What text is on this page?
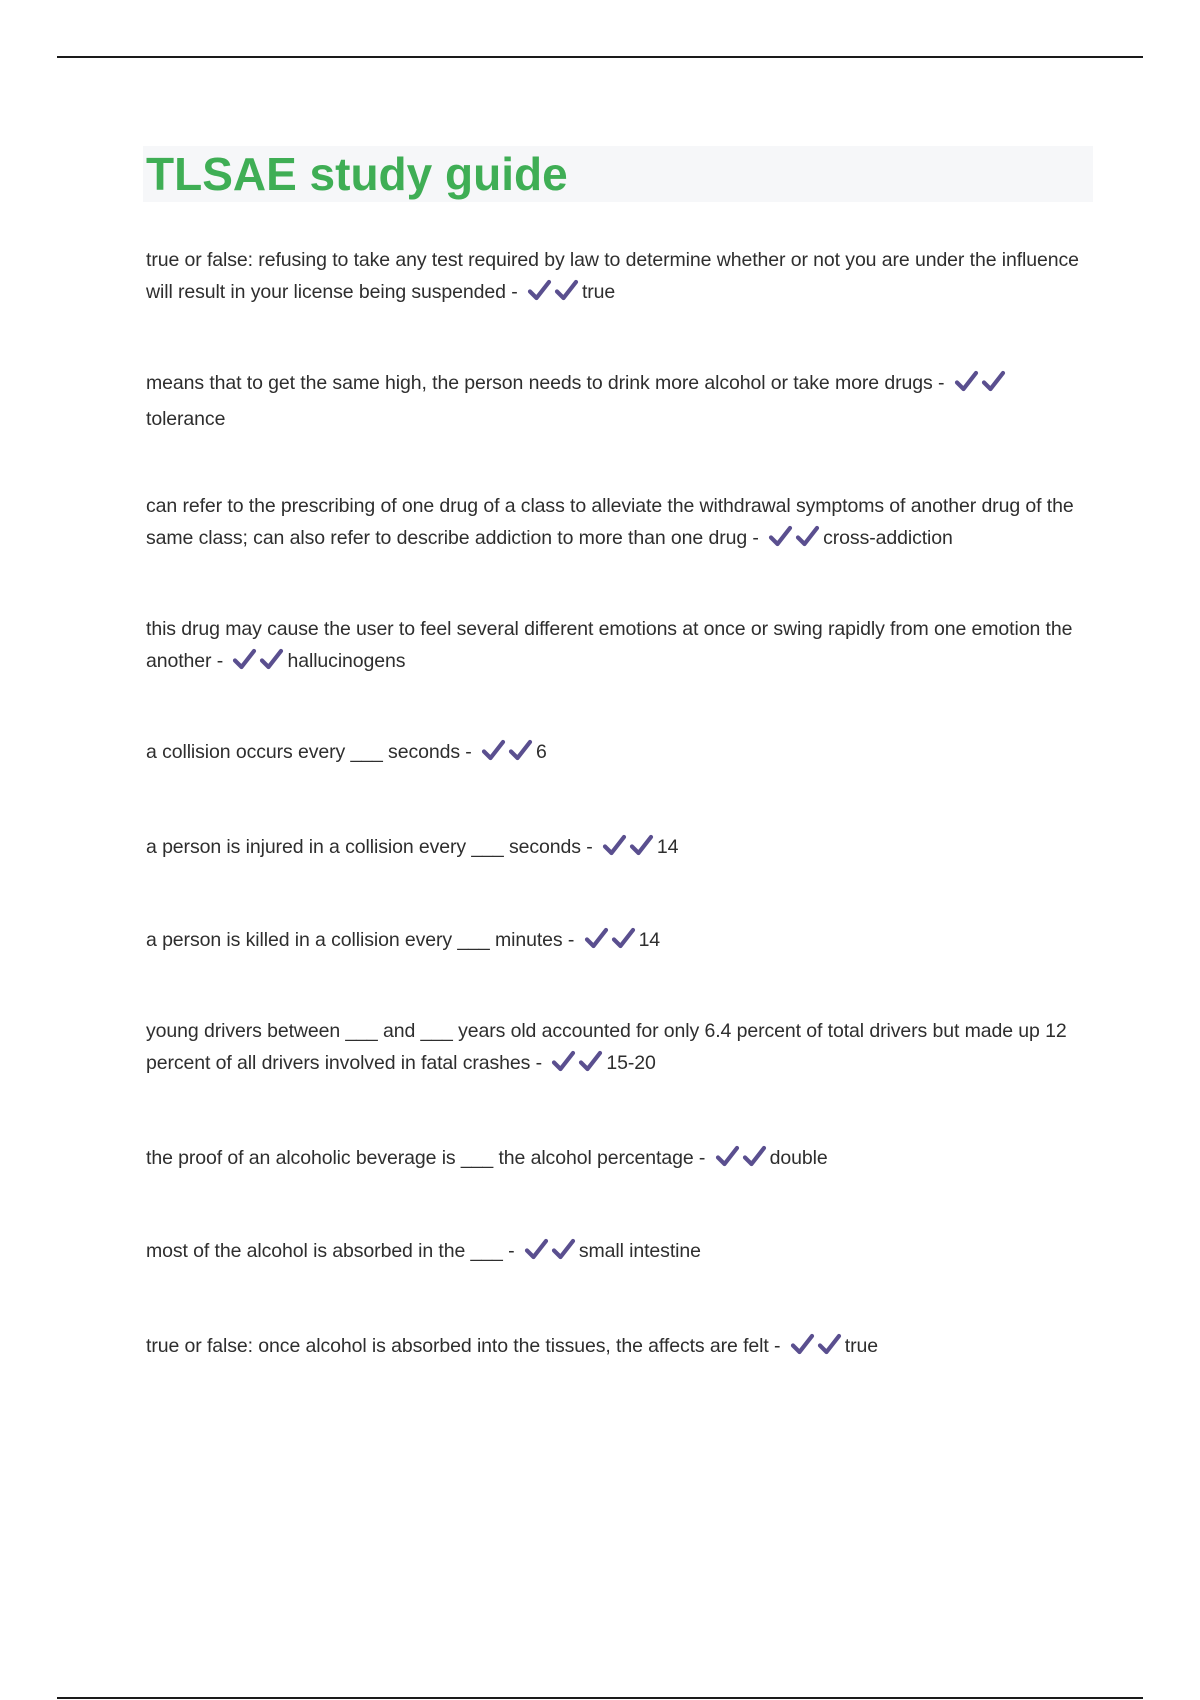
TLSAE study guide
true or false: refusing to take any test required by law to determine whether or not you are under the influence will result in your license being suspended -	true
means that to get the same high, the person needs to drink more alcohol or take more drugs - tolerance
can refer to the prescribing of one drug of a class to alleviate the withdrawal symptoms of another drug of the same class; can also refer to describe addiction to more than one drug -	cross-addiction
this drug may cause the user to feel several different emotions at once or swing rapidly from one emotion the another -	hallucinogens
a collision occurs every ___ seconds -	6
a person is injured in a collision every ___ seconds -	14
a person is killed in a collision every ___ minutes -	14
young drivers between ___ and ___ years old accounted for only 6.4 percent of total drivers but made up 12 percent of all drivers involved in fatal crashes -	15-20
the proof of an alcoholic beverage is ___ the alcohol percentage -	double
most of the alcohol is absorbed in the ___ -	small intestine
true or false: once alcohol is absorbed into the tissues, the affects are felt -	true
